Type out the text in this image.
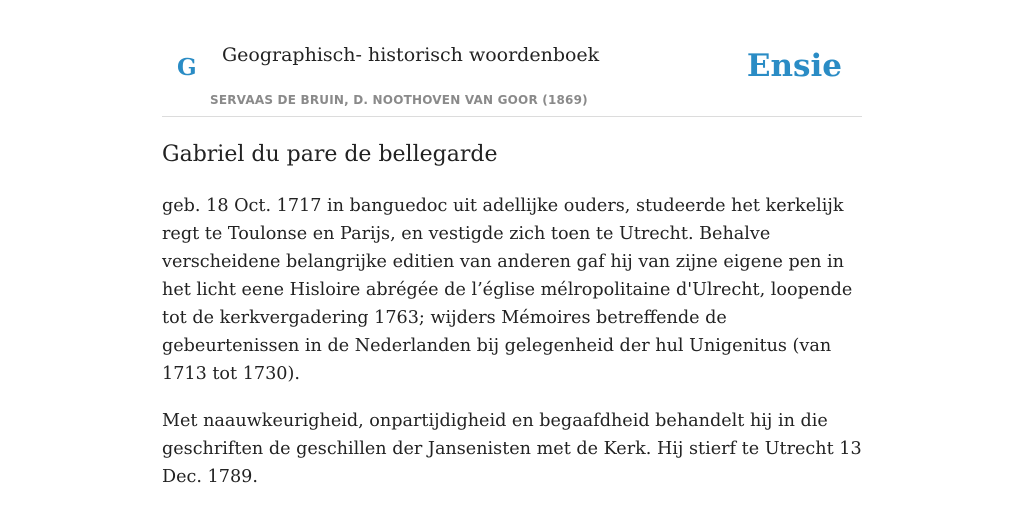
G Geographisch- historisch woordenboek
SERVAAS DE BRUIN, D. NOOTHOVEN VAN GOOR (1869)
Ensie
Gabriel du pare de bellegarde

geb. 18 Oct. 1717 in banguedoc uit adellijke ouders, studeerde het kerkelijk regt te Toulonse en Parijs, en vestigde zich toen te Utrecht. Behalve verscheidene belangrijke editien van anderen gaf hij van zijne eigene pen in het licht eene Hisloire abrégée de l’église mélropolitaine d'Ulrecht, loopende tot de kerkvergadering 1763; wijders Mémoires betreffende de gebeurtenissen in de Nederlanden bij gelegenheid der hul Unigenitus (van 1713 tot 1730).

Met naauwkeurigheid, onpartijdigheid en begaafdheid behandelt hij in die geschriften de geschillen der Jansenisten met de Kerk. Hij stierf te Utrecht 13 Dec. 1789.
